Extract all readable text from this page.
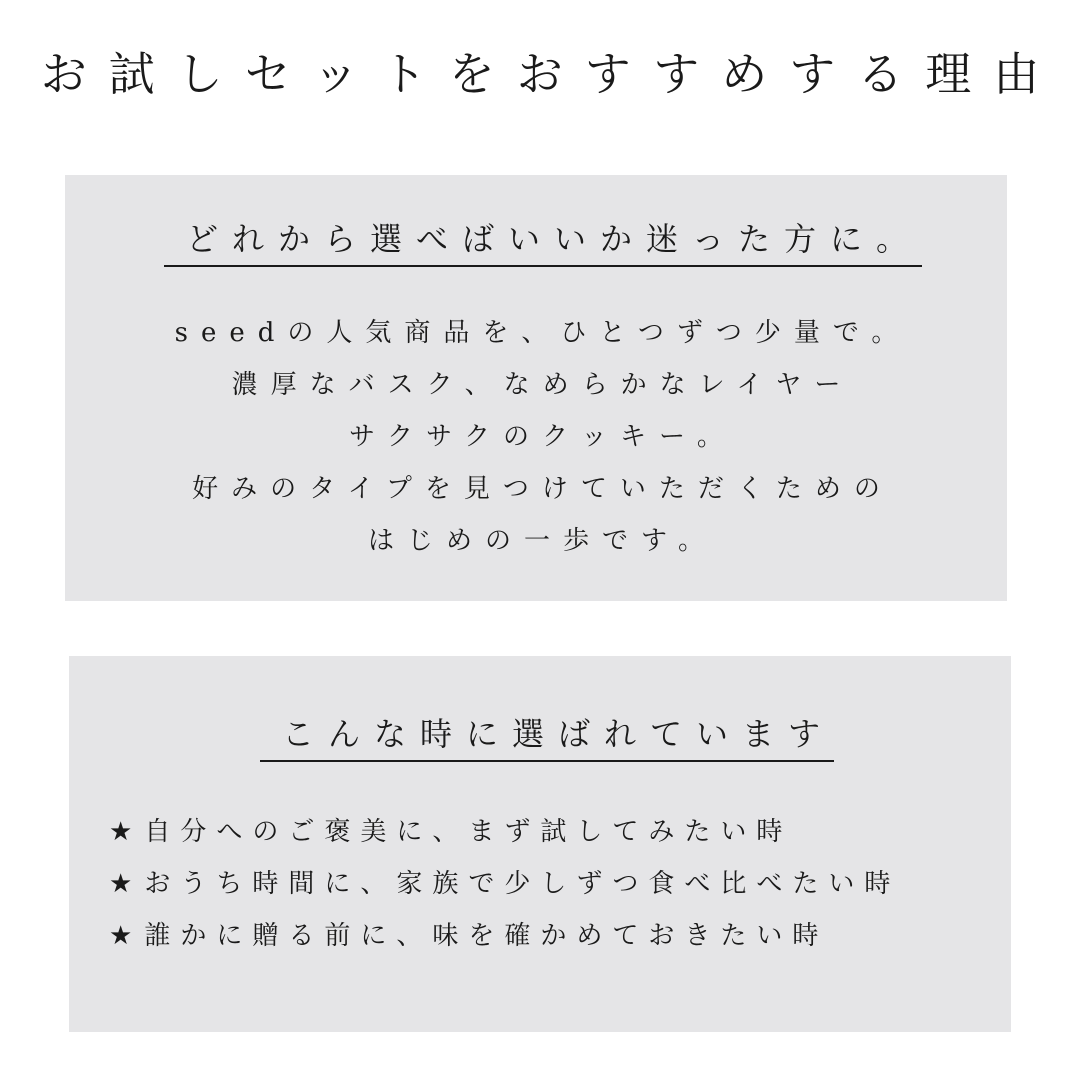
お試しセットをおすすめする理由
どれから選べばいいか迷った方に。
seedの人気商品を、ひとつずつ少量で。
濃厚なバスク、なめらかなレイヤー
サクサクのクッキー。
好みのタイプを見つけていただくための
はじめの一歩です。
こんな時に選ばれています
★自分へのご褒美に、まず試してみたい時
★おうち時間に、家族で少しずつ食べ比べたい時
★誰かに贈る前に、味を確かめておきたい時
